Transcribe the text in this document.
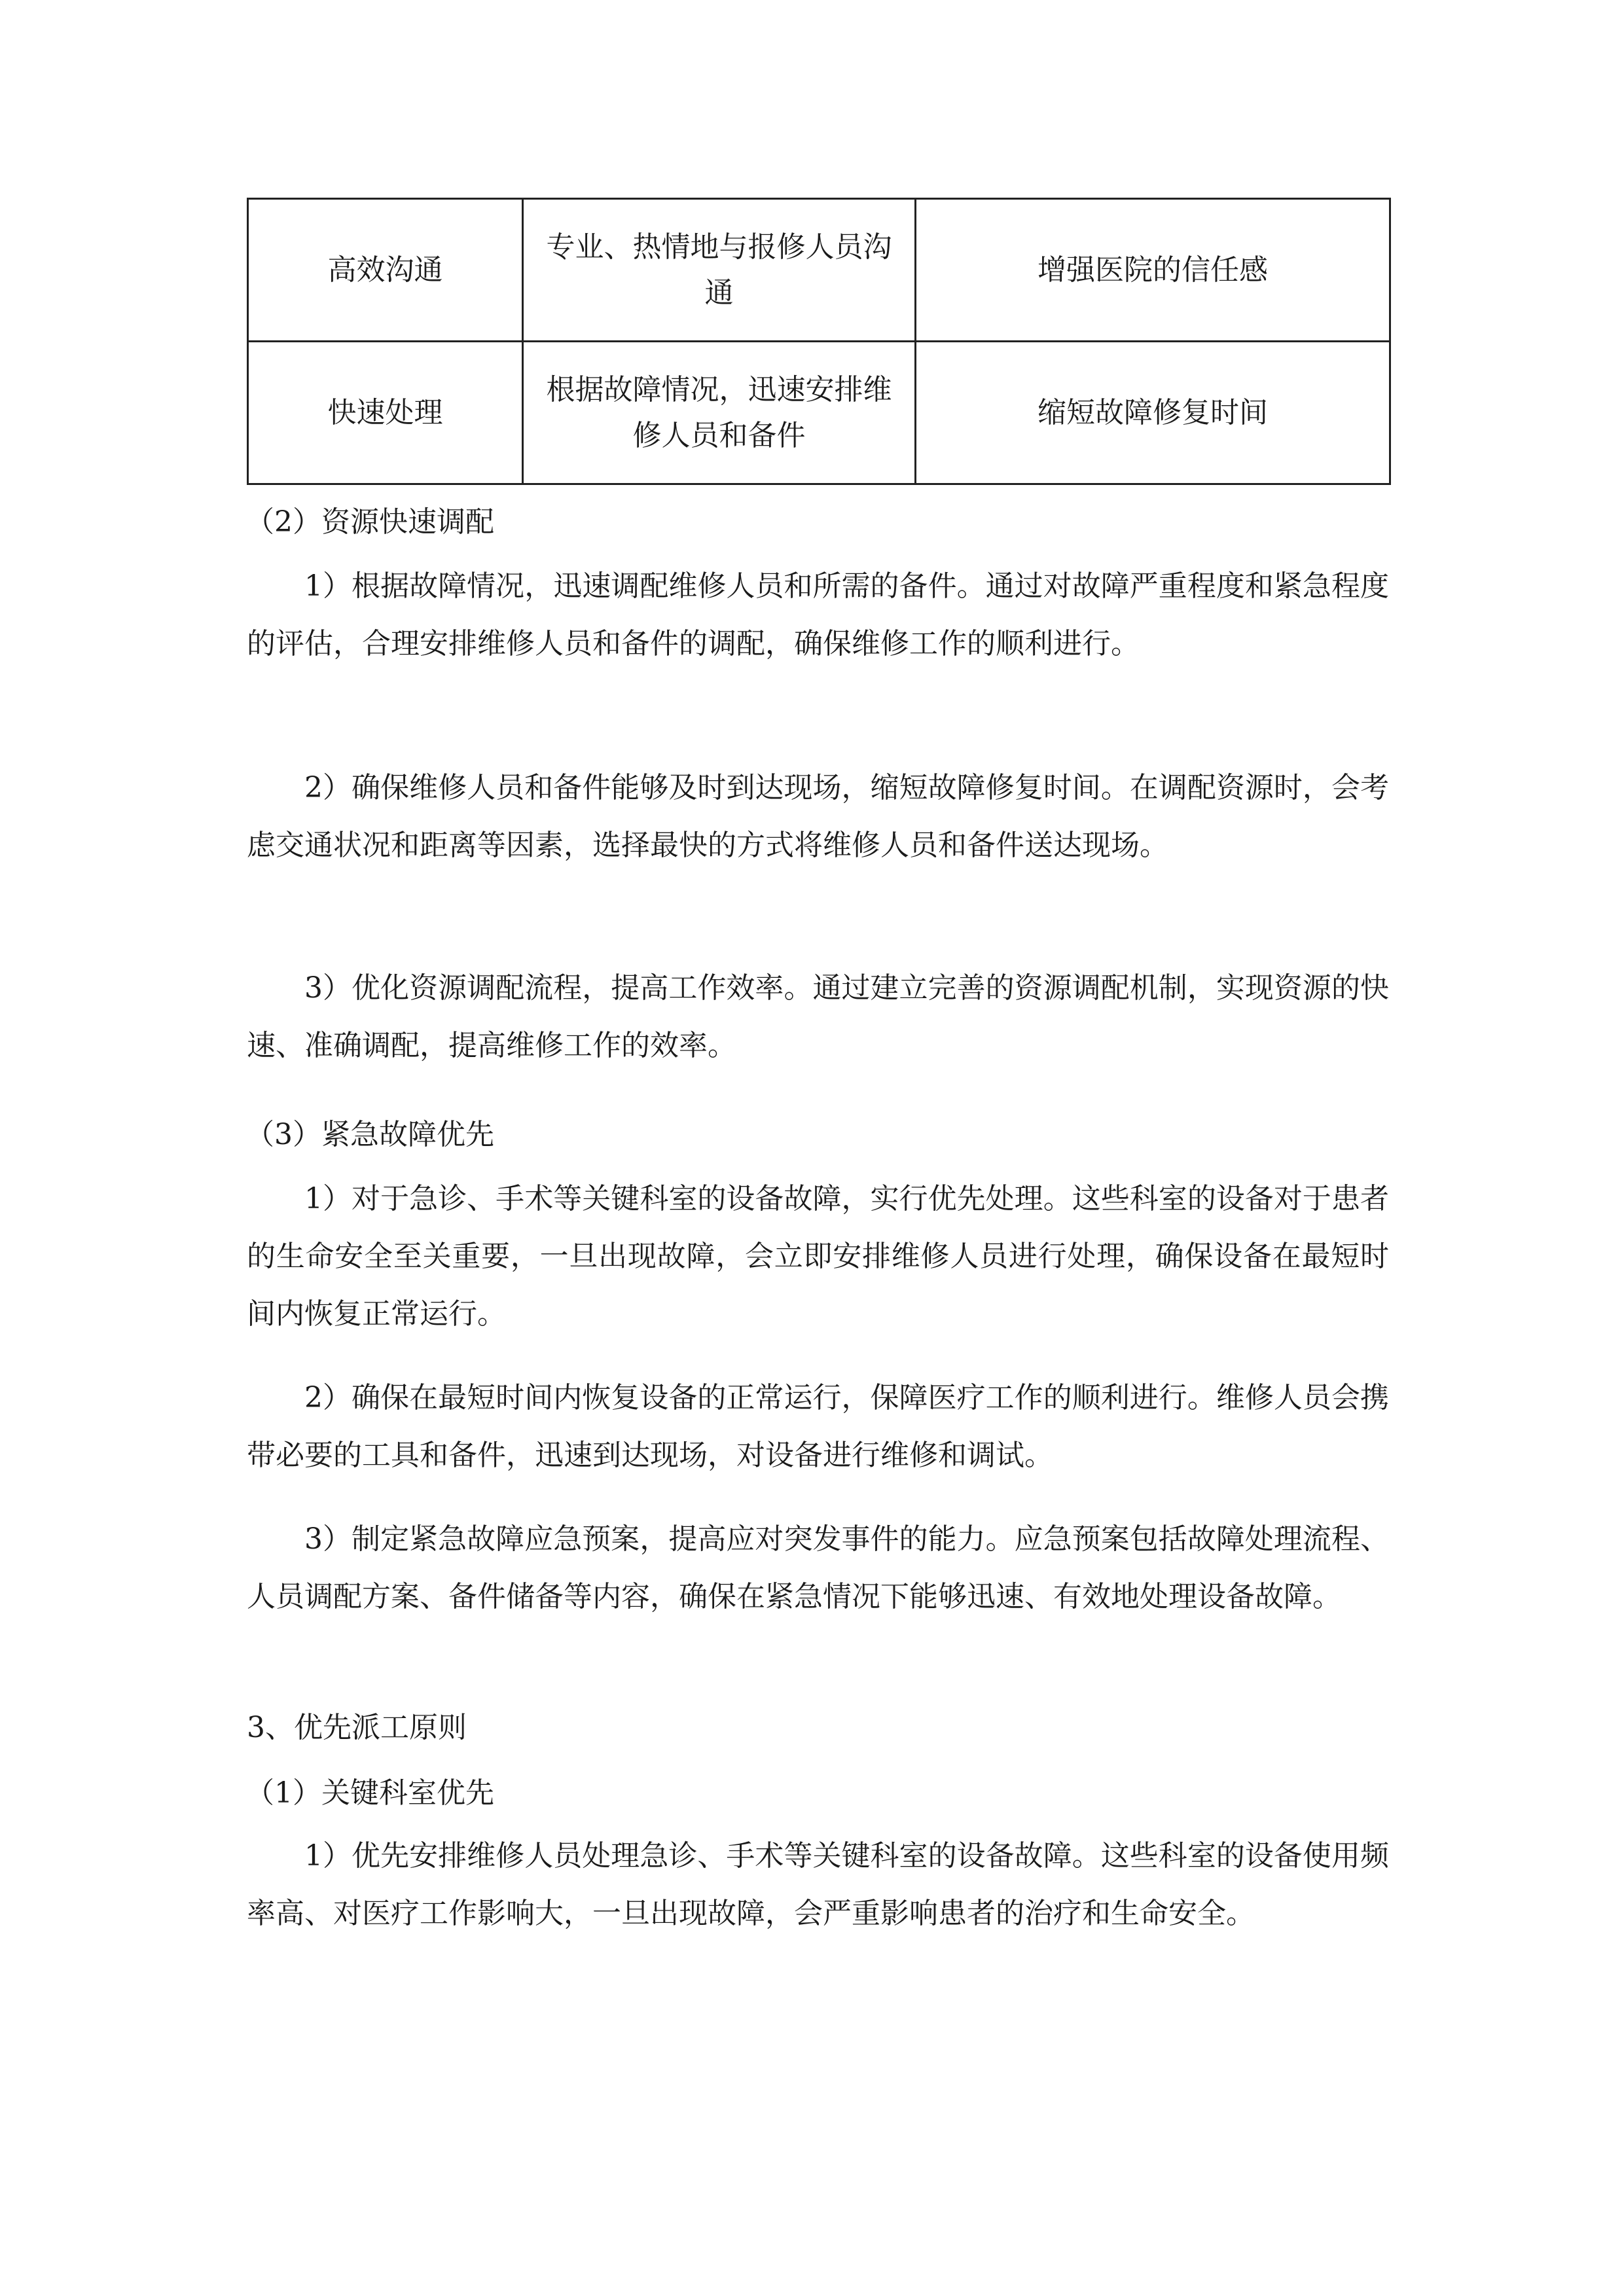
高效沟通	专业、热情地与报修人员沟通	增强医院的信任感
快速处理	根据故障情况，迅速安排维修人员和备件	缩短故障修复时间

（2）资源快速调配

1）根据故障情况，迅速调配维修人员和所需的备件。通过对故障严重程度和紧急程度的评估，合理安排维修人员和备件的调配，确保维修工作的顺利进行。

2）确保维修人员和备件能够及时到达现场，缩短故障修复时间。在调配资源时，会考虑交通状况和距离等因素，选择最快的方式将维修人员和备件送达现场。

3）优化资源调配流程，提高工作效率。通过建立完善的资源调配机制，实现资源的快速、准确调配，提高维修工作的效率。

（3）紧急故障优先

1）对于急诊、手术等关键科室的设备故障，实行优先处理。这些科室的设备对于患者的生命安全至关重要，一旦出现故障，会立即安排维修人员进行处理，确保设备在最短时间内恢复正常运行。

2）确保在最短时间内恢复设备的正常运行，保障医疗工作的顺利进行。维修人员会携带必要的工具和备件，迅速到达现场，对设备进行维修和调试。

3）制定紧急故障应急预案，提高应对突发事件的能力。应急预案包括故障处理流程、人员调配方案、备件储备等内容，确保在紧急情况下能够迅速、有效地处理设备故障。

3、优先派工原则

（1）关键科室优先

1）优先安排维修人员处理急诊、手术等关键科室的设备故障。这些科室的设备使用频率高、对医疗工作影响大，一旦出现故障，会严重影响患者的治疗和生命安全。
